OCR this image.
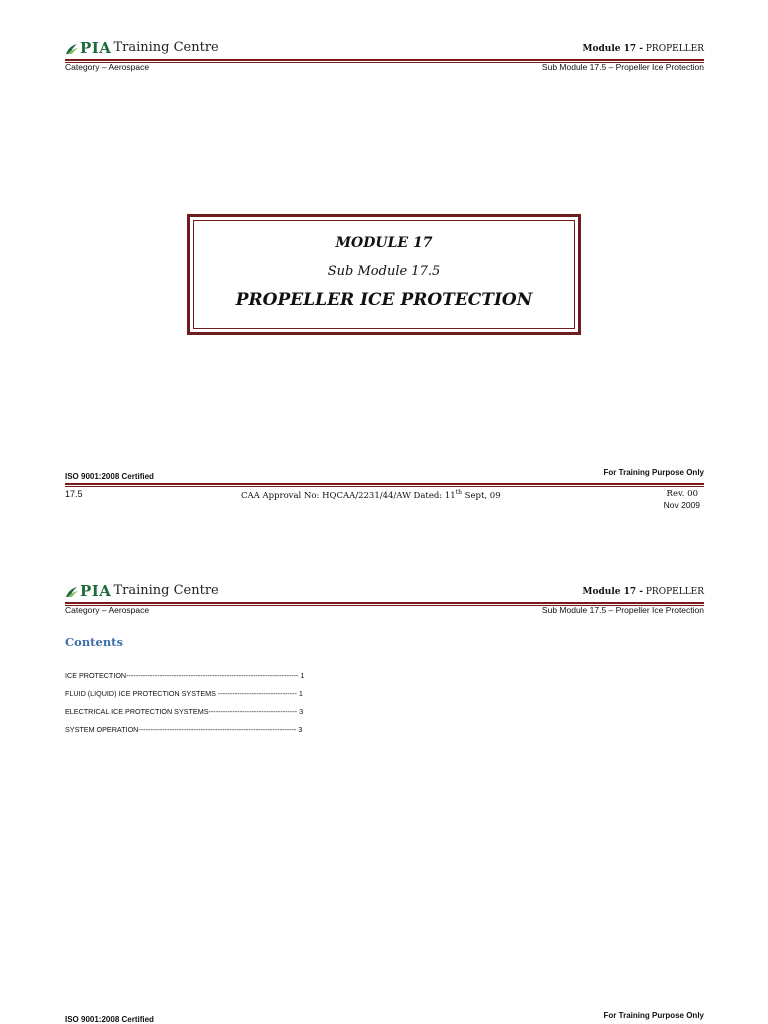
PIA Training Centre	Module 17 - PROPELLER
Category – Aerospace	Sub Module 17.5 – Propeller Ice Protection
MODULE 17
Sub Module 17.5
PROPELLER ICE PROTECTION
ISO 9001:2008 Certified	For Training Purpose Only
17.5	CAA Approval No: HQCAA/2231/44/AW Dated: 11th Sept, 09	Rev. 00
Nov 2009
PIA Training Centre	Module 17 - PROPELLER
Category – Aerospace	Sub Module 17.5 – Propeller Ice Protection
Contents
ICE PROTECTION------------------------------------------------------------------------ 1
FLUID (LIQUID) ICE PROTECTION SYSTEMS --------------------------------- 1
ELECTRICAL ICE PROTECTION SYSTEMS------------------------------------- 3
SYSTEM OPERATION------------------------------------------------------------------ 3
ISO 9001:2008 Certified	For Training Purpose Only
